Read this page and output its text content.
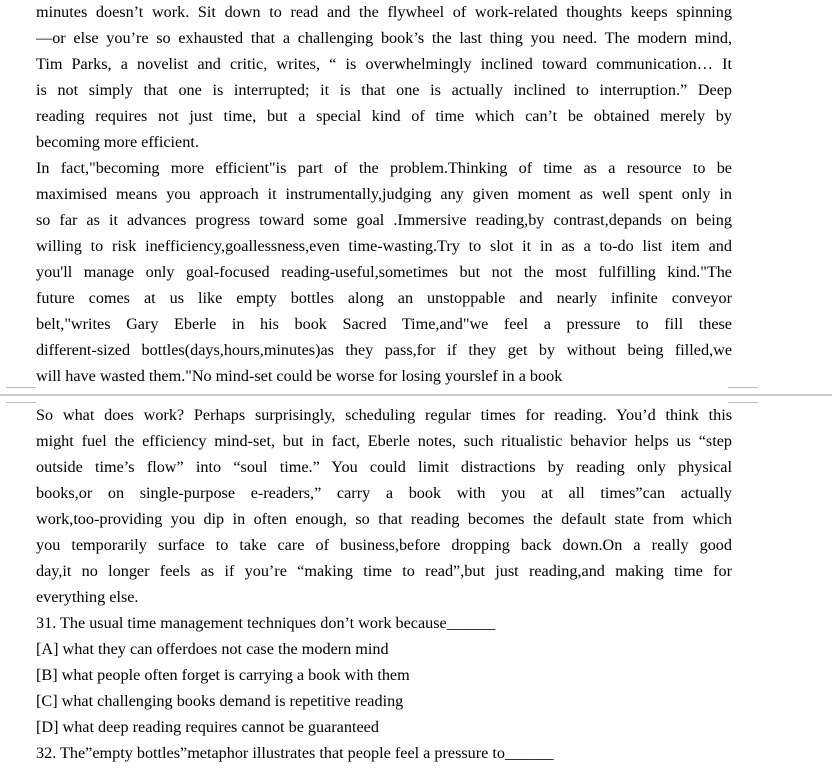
minutes doesn’t work. Sit down to read and the flywheel of work-related thoughts keeps spinning
—or else you’re so exhausted that a challenging book’s the last thing you need. The modern mind,
Tim Parks, a novelist and critic, writes, “ is overwhelmingly inclined toward communication… It
is not simply that one is interrupted; it is that one is actually inclined to interruption.” Deep
reading requires not just time, but a special kind of time which can’t be obtained merely by
becoming more efficient.
In fact,"becoming more efficient"is part of the problem.Thinking of time as a resource to be
maximised means you approach it instrumentally,judging any given moment as well spent only in
so far as it advances progress toward some goal .Immersive reading,by contrast,depands on being
willing to risk inefficiency,goallessness,even time-wasting.Try to slot it in as a to-do list item and
you'll manage only goal-focused reading-useful,sometimes but not the most fulfilling kind."The
future comes at us like empty bottles along an unstoppable and nearly infinite conveyor
belt,"writes Gary Eberle in his book Sacred Time,and"we feel a pressure to fill these
different-sized bottles(days,hours,minutes)as they pass,for if they get by without being filled,we
will have wasted them."No mind-set could be worse for losing yourslef in a book
So what does work? Perhaps surprisingly, scheduling regular times for reading. You’d think this
might fuel the efficiency mind-set, but in fact, Eberle notes, such ritualistic behavior helps us “step
outside time’s flow” into “soul time.” You could limit distractions by reading only physical
books,or on single-purpose e-readers,” carry a book with you at all times”can actually
work,too-providing you dip in often enough, so that reading becomes the default state from which
you temporarily surface to take care of business,before dropping back down.On a really good
day,it no longer feels as if you’re “making time to read”,but just reading,and making time for
everything else.
31. The usual time management techniques don’t work because______
[A] what they can offerdoes not case the modern mind
[B] what people often forget is carrying a book with them
[C] what challenging books demand is repetitive reading
[D] what deep reading requires cannot be guaranteed
32. The”empty bottles”metaphor illustrates that people feel a pressure to______
